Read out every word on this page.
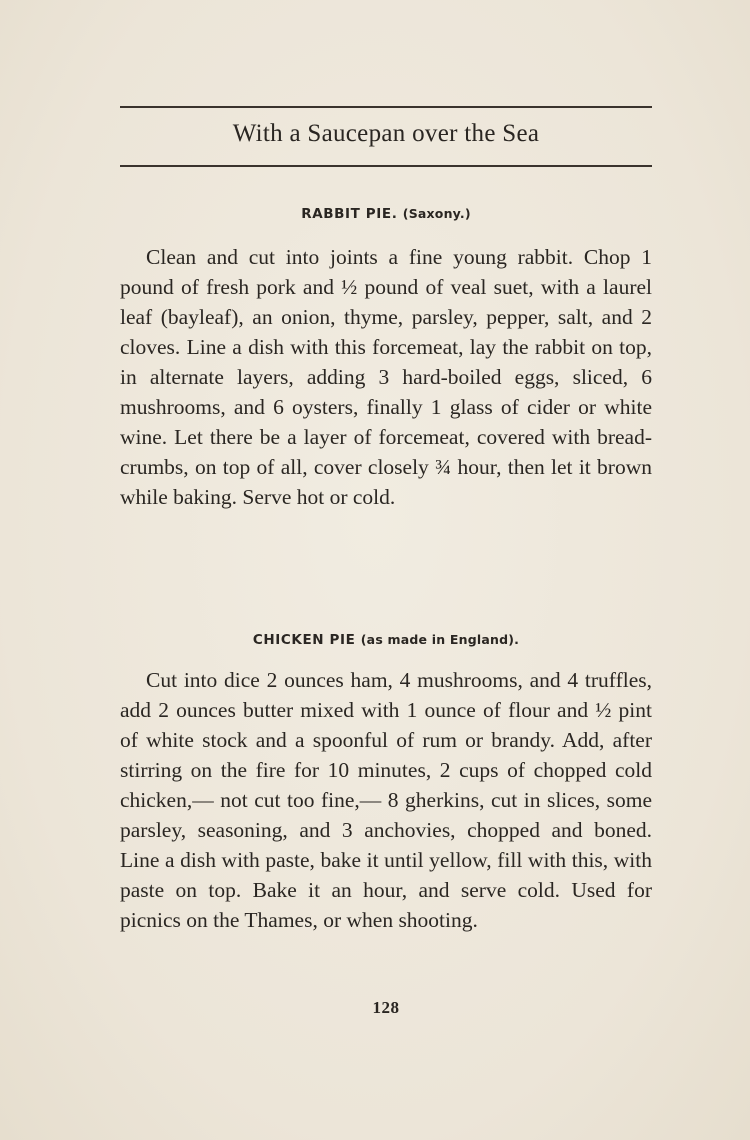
With a Saucepan over the Sea
RABBIT PIE. (Saxony.)

Clean and cut into joints a fine young rabbit. Chop 1 pound of fresh pork and ½ pound of veal suet, with a laurel leaf (bayleaf), an onion, thyme, parsley, pepper, salt, and 2 cloves. Line a dish with this forcemeat, lay the rabbit on top, in alternate layers, adding 3 hard-boiled eggs, sliced, 6 mushrooms, and 6 oysters, finally 1 glass of cider or white wine. Let there be a layer of forcemeat, covered with bread-crumbs, on top of all, cover closely ¾ hour, then let it brown while baking. Serve hot or cold.

CHICKEN PIE (as made in England).

Cut into dice 2 ounces ham, 4 mushrooms, and 4 truffles, add 2 ounces butter mixed with 1 ounce of flour and ½ pint of white stock and a spoonful of rum or brandy. Add, after stirring on the fire for 10 minutes, 2 cups of chopped cold chicken,— not cut too fine,— 8 gherkins, cut in slices, some parsley, seasoning, and 3 anchovies, chopped and boned. Line a dish with paste, bake it until yellow, fill with this, with paste on top. Bake it an hour, and serve cold. Used for picnics on the Thames, or when shooting.

128
